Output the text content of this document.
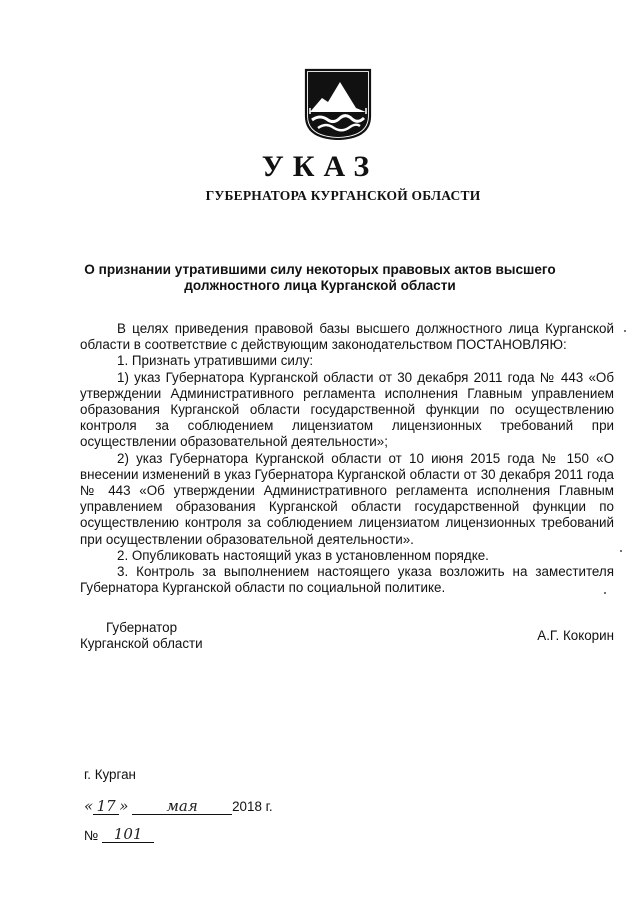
УКАЗ
ГУБЕРНАТОРА КУРГАНСКОЙ ОБЛАСТИ
О признании утратившими силу некоторых правовых актов высшего
должностного лица Курганской области

В целях приведения правовой базы высшего должностного лица Курганской области в соответствие с действующим законодательством ПОСТАНОВЛЯЮ:

1. Признать утратившими силу:

1) указ Губернатора Курганской области от 30 декабря 2011 года № 443 «Об утверждении Административного регламента исполнения Главным управлением образования Курганской области государственной функции по осуществлению контроля за соблюдением лицензиатом лицензионных требований при осуществлении образовательной деятельности»;

2) указ Губернатора Курганской области от 10 июня 2015 года № 150 «О внесении изменений в указ Губернатора Курганской области от 30 декабря 2011 года № 443 «Об утверждении Административного регламента исполнения Главным управлением образования Курганской области государственной функции по осуществлению контроля за соблюдением лицензиатом лицензионных требований при осуществлении образовательной деятельности».

2. Опубликовать настоящий указ в установленном порядке.

3. Контроль за выполнением настоящего указа возложить на заместителя Губернатора Курганской области по социальной политике.

Губернатор
Курганской области
А.Г. Кокорин
г. Курган
« 17 »	мая	2018 г.
№ 101
